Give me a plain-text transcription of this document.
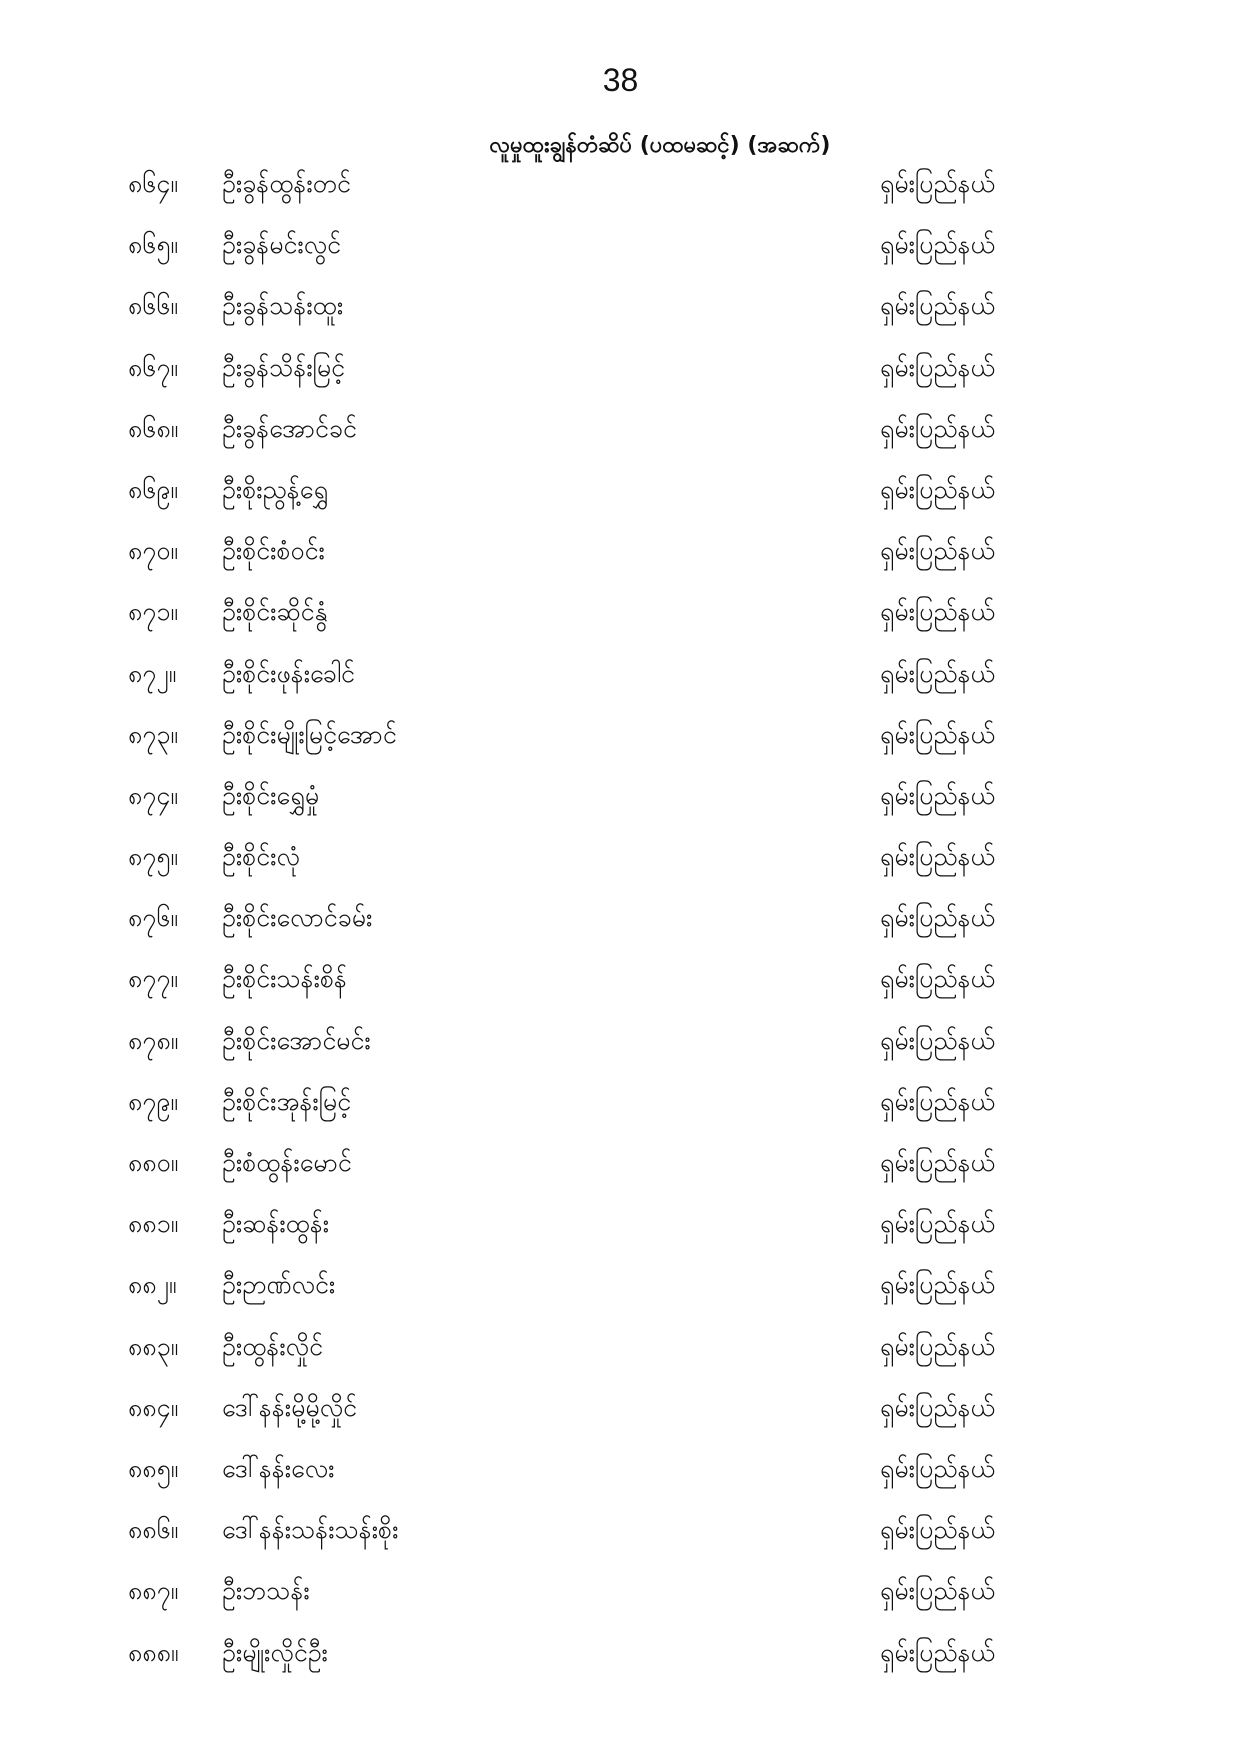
38
လူမှုထူးချွန်တံဆိပ် (ပထမဆင့်) (အဆက်)
၈၆၄။ ဦးခွန်ထွန်းတင်	ရှမ်းပြည်နယ်
၈၆၅။ ဦးခွန်မင်းလွင်	ရှမ်းပြည်နယ်
၈၆၆။ ဦးခွန်သန်းထူး	ရှမ်းပြည်နယ်
၈၆၇။ ဦးခွန်သိန်းမြင့်	ရှမ်းပြည်နယ်
၈၆၈။ ဦးခွန်အောင်ခင်	ရှမ်းပြည်နယ်
၈၆၉။ ဦးစိုးညွန့်ရွှေ	ရှမ်းပြည်နယ်
၈၇၀။ ဦးစိုင်းစံဝင်း	ရှမ်းပြည်နယ်
၈၇၁။ ဦးစိုင်းဆိုင်နွံ	ရှမ်းပြည်နယ်
၈၇၂။ ဦးစိုင်းဖုန်းခေါင်	ရှမ်းပြည်နယ်
၈၇၃။ ဦးစိုင်းမျိုးမြင့်အောင်	ရှမ်းပြည်နယ်
၈၇၄။ ဦးစိုင်းရွှေမှုံ	ရှမ်းပြည်နယ်
၈၇၅။ ဦးစိုင်းလုံ	ရှမ်းပြည်နယ်
၈၇၆။ ဦးစိုင်းလောင်ခမ်း	ရှမ်းပြည်နယ်
၈၇၇။ ဦးစိုင်းသန်းစိန်	ရှမ်းပြည်နယ်
၈၇၈။ ဦးစိုင်းအောင်မင်း	ရှမ်းပြည်နယ်
၈၇၉။ ဦးစိုင်းအုန်းမြင့်	ရှမ်းပြည်နယ်
၈၈၀။ ဦးစံထွန်းမောင်	ရှမ်းပြည်နယ်
၈၈၁။ ဦးဆန်းထွန်း	ရှမ်းပြည်နယ်
၈၈၂။ ဦးဉာဏ်လင်း	ရှမ်းပြည်နယ်
၈၈၃။ ဦးထွန်းလှိုင်	ရှမ်းပြည်နယ်
၈၈၄။ ဒေါ်နန်းမို့မို့လှိုင်	ရှမ်းပြည်နယ်
၈၈၅။ ဒေါ်နန်းလေး	ရှမ်းပြည်နယ်
၈၈၆။ ဒေါ်နန်းသန်းသန်းစိုး	ရှမ်းပြည်နယ်
၈၈၇။ ဦးဘသန်း	ရှမ်းပြည်နယ်
၈၈၈။ ဦးမျိုးလှိုင်ဦး	ရှမ်းပြည်နယ်
